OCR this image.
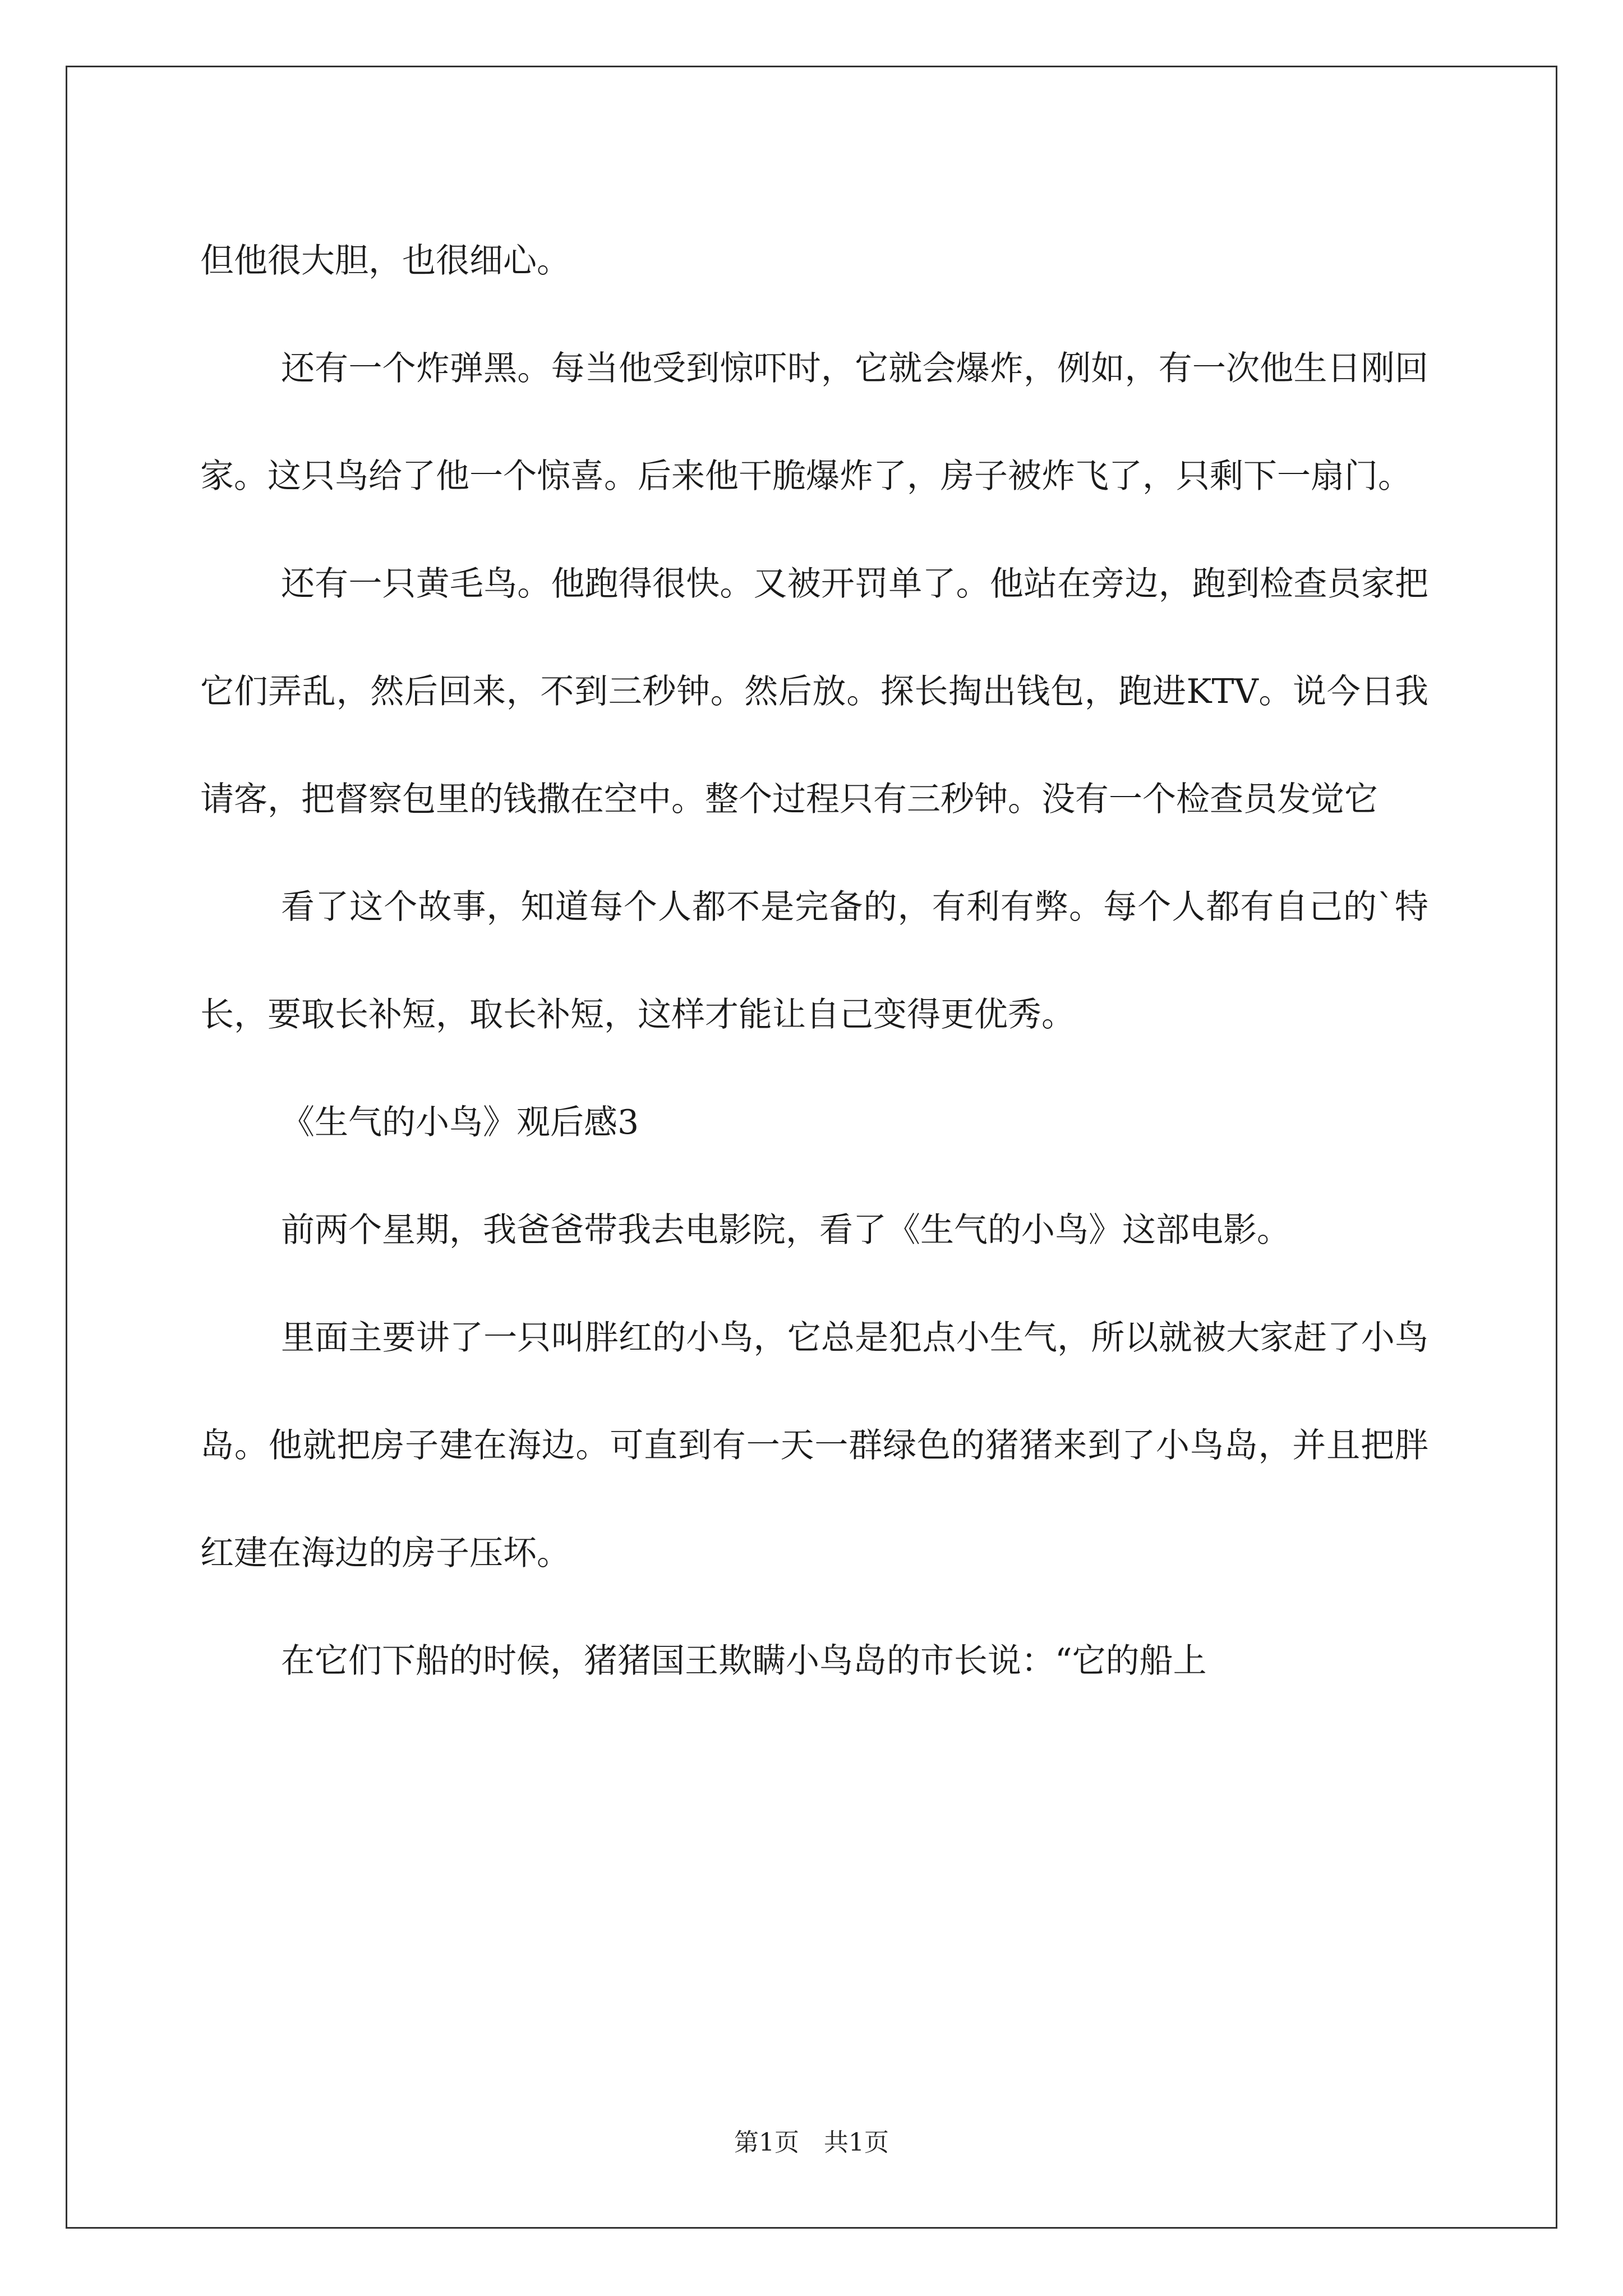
但他很大胆，也很细心。

还有一个炸弹黑。每当他受到惊吓时，它就会爆炸，例如，有一次他生日刚回家。这只鸟给了他一个惊喜。后来他干脆爆炸了，房子被炸飞了，只剩下一扇门。

还有一只黄毛鸟。他跑得很快。又被开罚单了。他站在旁边，跑到检查员家把它们弄乱，然后回来，不到三秒钟。然后放。探长掏出钱包，跑进KTV。说今日我请客，把督察包里的钱撒在空中。整个过程只有三秒钟。没有一个检查员发觉它

看了这个故事，知道每个人都不是完备的，有利有弊。每个人都有自己的`特长，要取长补短，取长补短，这样才能让自己变得更优秀。

《生气的小鸟》观后感3

前两个星期，我爸爸带我去电影院，看了《生气的小鸟》这部电影。

里面主要讲了一只叫胖红的小鸟，它总是犯点小生气，所以就被大家赶了小鸟岛。他就把房子建在海边。可直到有一天一群绿色的猪猪来到了小鸟岛，并且把胖红建在海边的房子压坏。

在它们下船的时候，猪猪国王欺瞒小鸟岛的市长说：“它的船上

第1页　共1页
